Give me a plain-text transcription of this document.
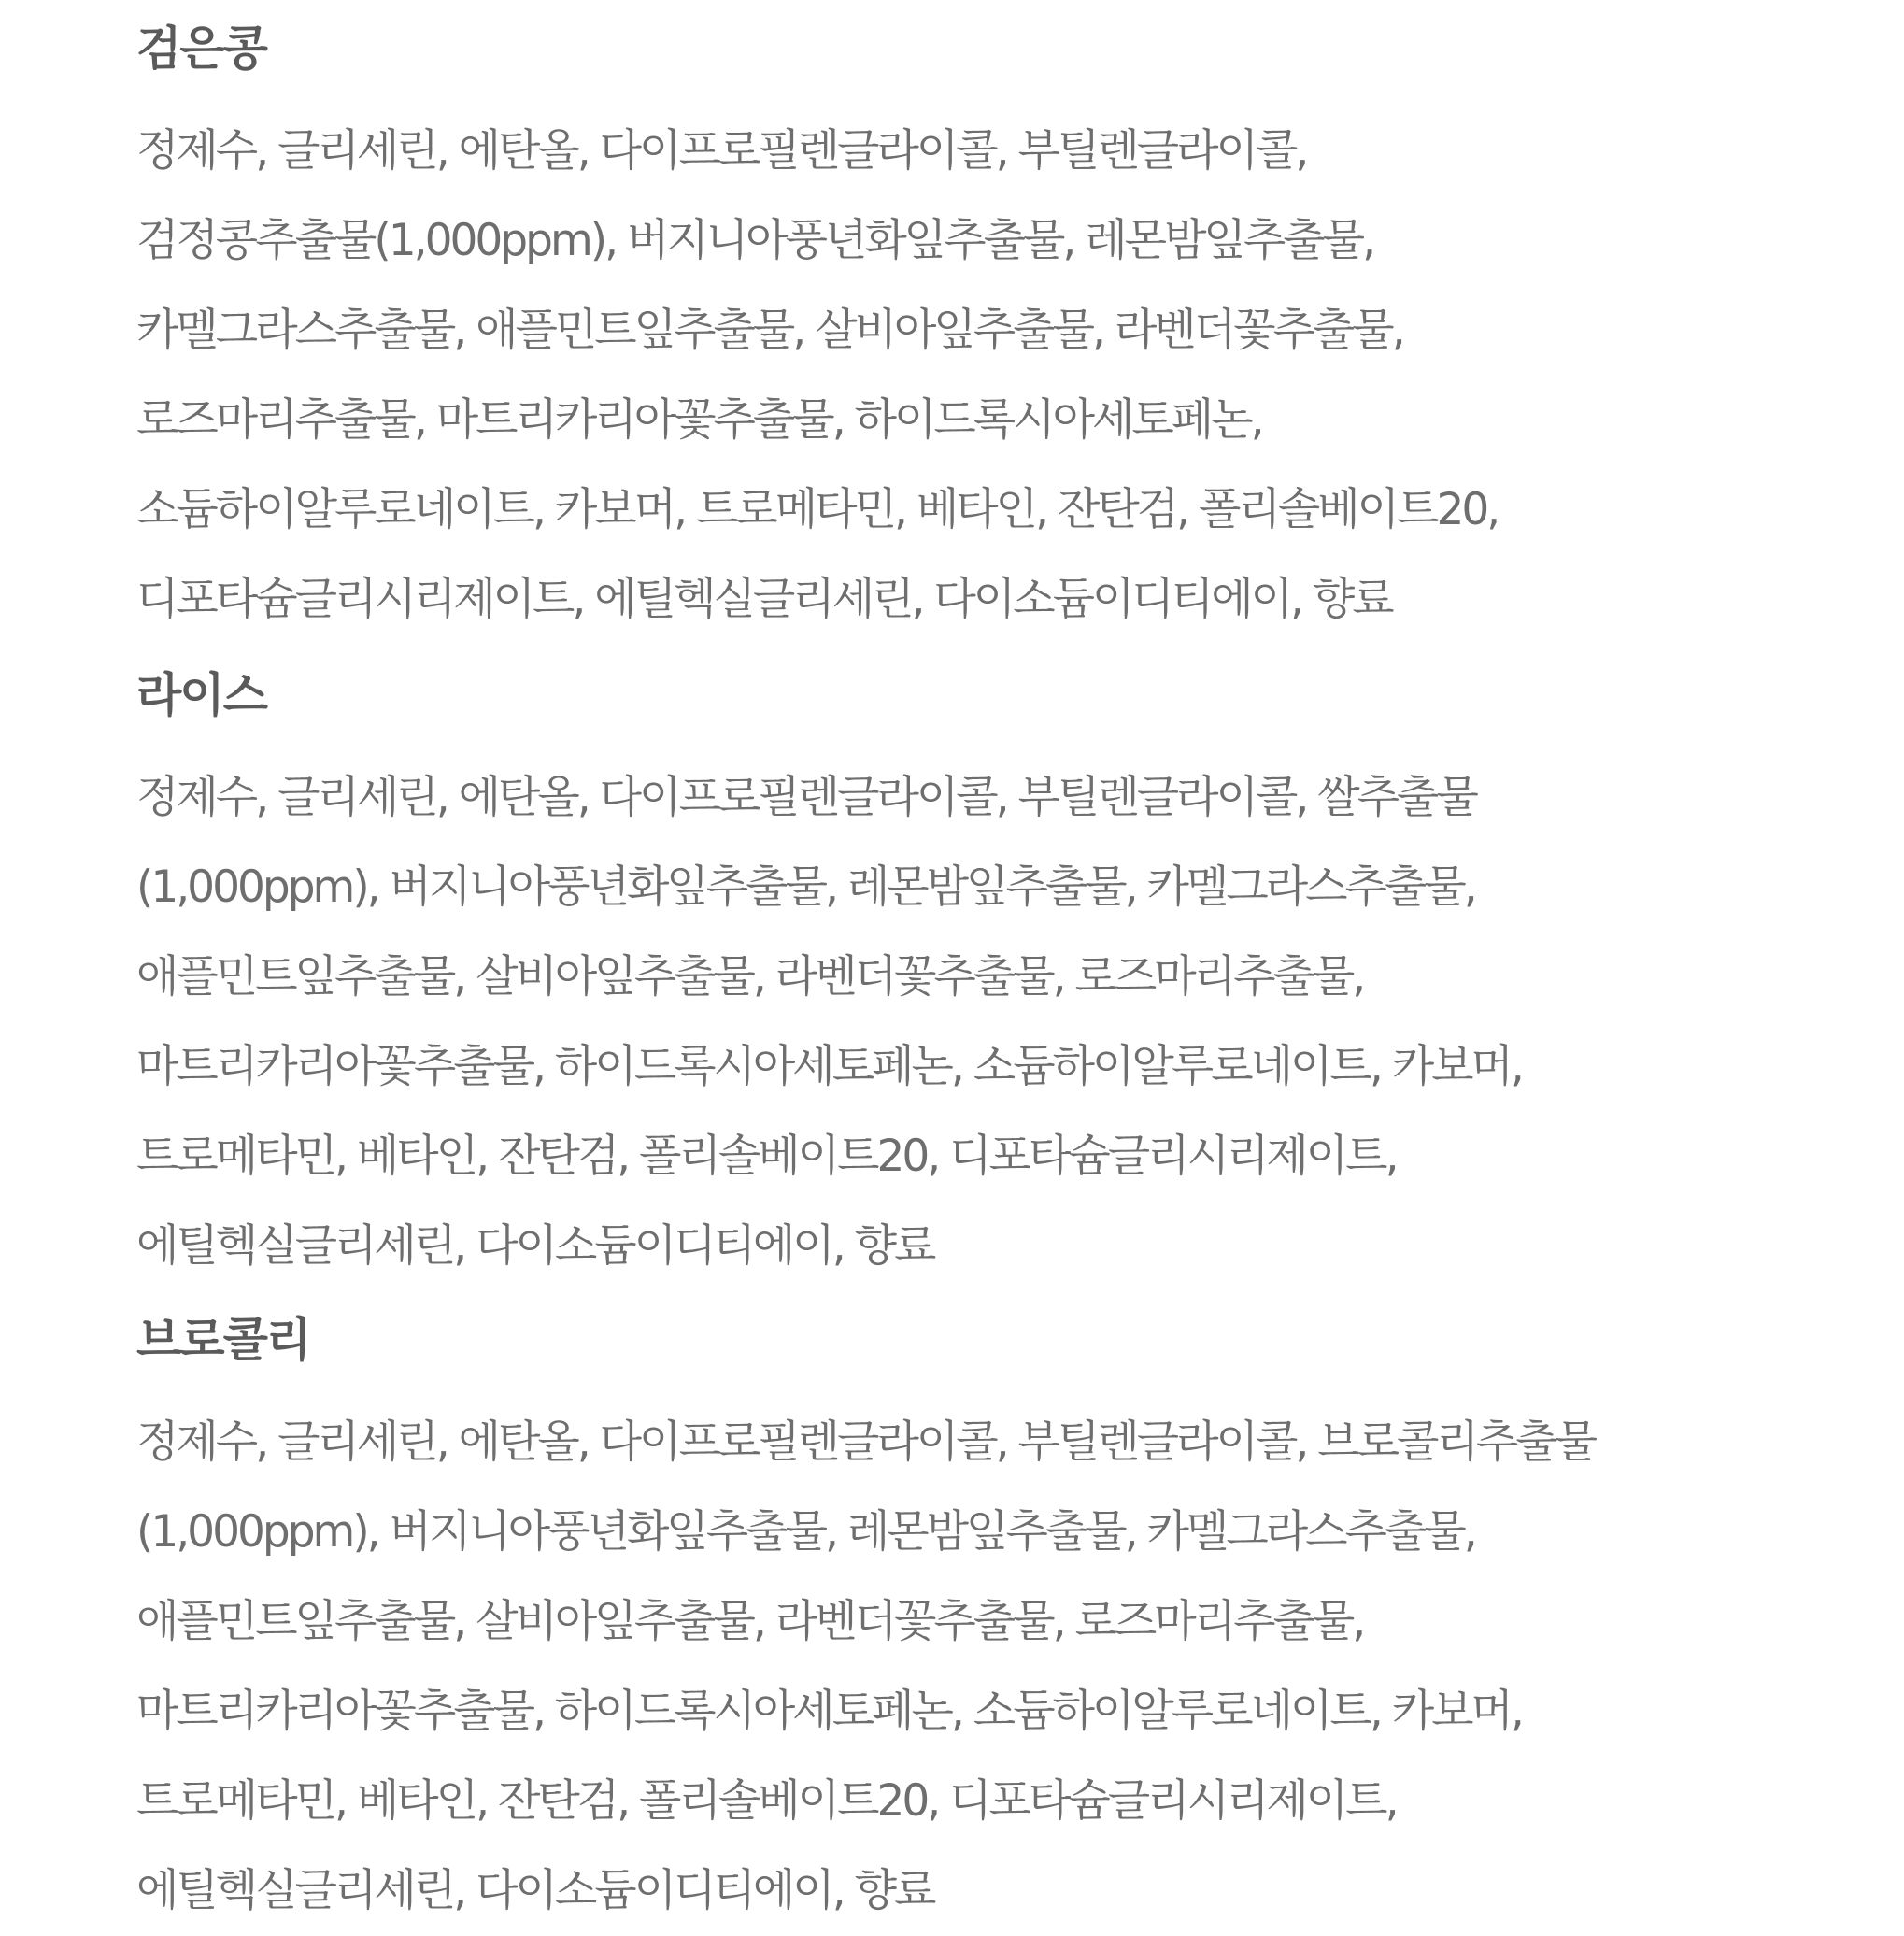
검은콩
정제수, 글리세린, 에탄올, 다이프로필렌글라이콜, 부틸렌글라이콜,
검정콩추출물(1,000ppm), 버지니아풍년화잎추출물, 레몬밤잎추출물,
카멜그라스추출물, 애플민트잎추출물, 살비아잎추출물, 라벤더꽃추출물,
로즈마리추출물, 마트리카리아꽃추출물, 하이드록시아세토페논,
소듐하이알루로네이트, 카보머, 트로메타민, 베타인, 잔탄검, 폴리솔베이트20,
디포타슘글리시리제이트, 에틸헥실글리세린, 다이소듐이디티에이, 향료
라이스
정제수, 글리세린, 에탄올, 다이프로필렌글라이콜, 부틸렌글라이콜, 쌀추출물
(1,000ppm), 버지니아풍년화잎추출물, 레몬밤잎추출물, 카멜그라스추출물,
애플민트잎추출물, 살비아잎추출물, 라벤더꽃추출물, 로즈마리추출물,
마트리카리아꽃추출물, 하이드록시아세토페논, 소듐하이알루로네이트, 카보머,
트로메타민, 베타인, 잔탄검, 폴리솔베이트20, 디포타슘글리시리제이트,
에틸헥실글리세린, 다이소듐이디티에이, 향료
브로콜리
정제수, 글리세린, 에탄올, 다이프로필렌글라이콜, 부틸렌글라이콜, 브로콜리추출물
(1,000ppm), 버지니아풍년화잎추출물, 레몬밤잎추출물, 카멜그라스추출물,
애플민트잎추출물, 살비아잎추출물, 라벤더꽃추출물, 로즈마리추출물,
마트리카리아꽃추출물, 하이드록시아세토페논, 소듐하이알루로네이트, 카보머,
트로메타민, 베타인, 잔탄검, 폴리솔베이트20, 디포타슘글리시리제이트,
에틸헥실글리세린, 다이소듐이디티에이, 향료
